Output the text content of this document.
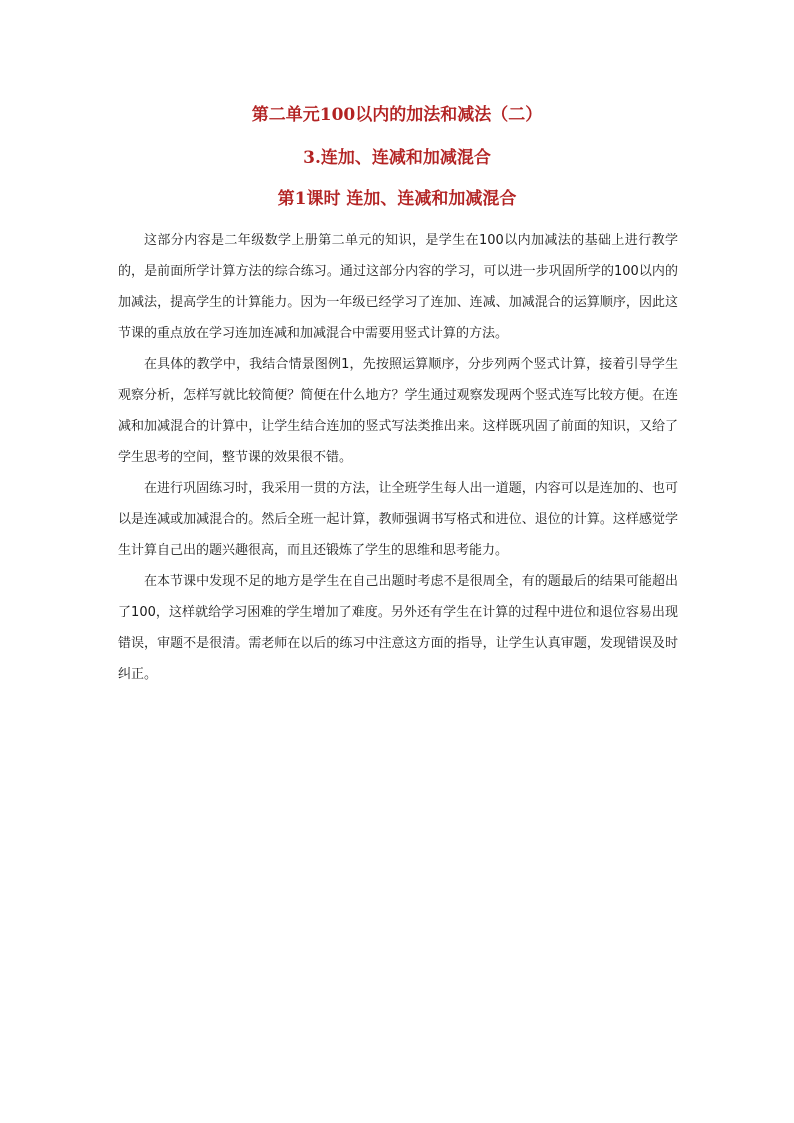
第二单元100以内的加法和减法（二）
3.连加、连减和加减混合
第1课时 连加、连减和加减混合

这部分内容是二年级数学上册第二单元的知识，是学生在100以内加减法的基础上进行教学的，是前面所学计算方法的综合练习。通过这部分内容的学习，可以进一步巩固所学的100以内的加减法，提高学生的计算能力。因为一年级已经学习了连加、连减、加减混合的运算顺序，因此这节课的重点放在学习连加连减和加减混合中需要用竖式计算的方法。

在具体的教学中，我结合情景图例1，先按照运算顺序，分步列两个竖式计算，接着引导学生观察分析，怎样写就比较简便？简便在什么地方？学生通过观察发现两个竖式连写比较方便。在连减和加减混合的计算中，让学生结合连加的竖式写法类推出来。这样既巩固了前面的知识，又给了学生思考的空间，整节课的效果很不错。

在进行巩固练习时，我采用一贯的方法，让全班学生每人出一道题，内容可以是连加的、也可以是连减或加减混合的。然后全班一起计算，教师强调书写格式和进位、退位的计算。这样感觉学生计算自己出的题兴趣很高，而且还锻炼了学生的思维和思考能力。

在本节课中发现不足的地方是学生在自己出题时考虑不是很周全，有的题最后的结果可能超出了100，这样就给学习困难的学生增加了难度。另外还有学生在计算的过程中进位和退位容易出现错误，审题不是很清。需老师在以后的练习中注意这方面的指导，让学生认真审题，发现错误及时纠正。
